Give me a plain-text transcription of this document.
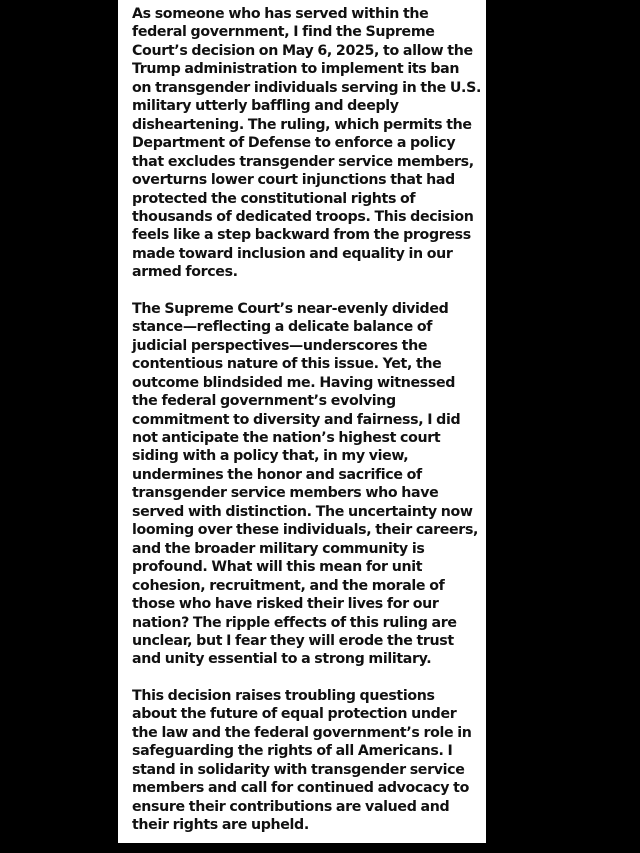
As someone who has served within the federal government, I find the Supreme Court’s decision on May 6, 2025, to allow the Trump administration to implement its ban on transgender individuals serving in the U.S. military utterly baffling and deeply disheartening. The ruling, which permits the Department of Defense to enforce a policy that excludes transgender service members, overturns lower court injunctions that had protected the constitutional rights of thousands of dedicated troops. This decision feels like a step backward from the progress made toward inclusion and equality in our armed forces.

The Supreme Court’s near-evenly divided stance—reflecting a delicate balance of judicial perspectives—underscores the contentious nature of this issue. Yet, the outcome blindsided me. Having witnessed the federal government’s evolving commitment to diversity and fairness, I did not anticipate the nation’s highest court siding with a policy that, in my view, undermines the honor and sacrifice of transgender service members who have served with distinction. The uncertainty now looming over these individuals, their careers, and the broader military community is profound. What will this mean for unit cohesion, recruitment, and the morale of those who have risked their lives for our nation? The ripple effects of this ruling are unclear, but I fear they will erode the trust and unity essential to a strong military.

This decision raises troubling questions about the future of equal protection under the law and the federal government’s role in safeguarding the rights of all Americans. I stand in solidarity with transgender service members and call for continued advocacy to ensure their contributions are valued and their rights are upheld.
